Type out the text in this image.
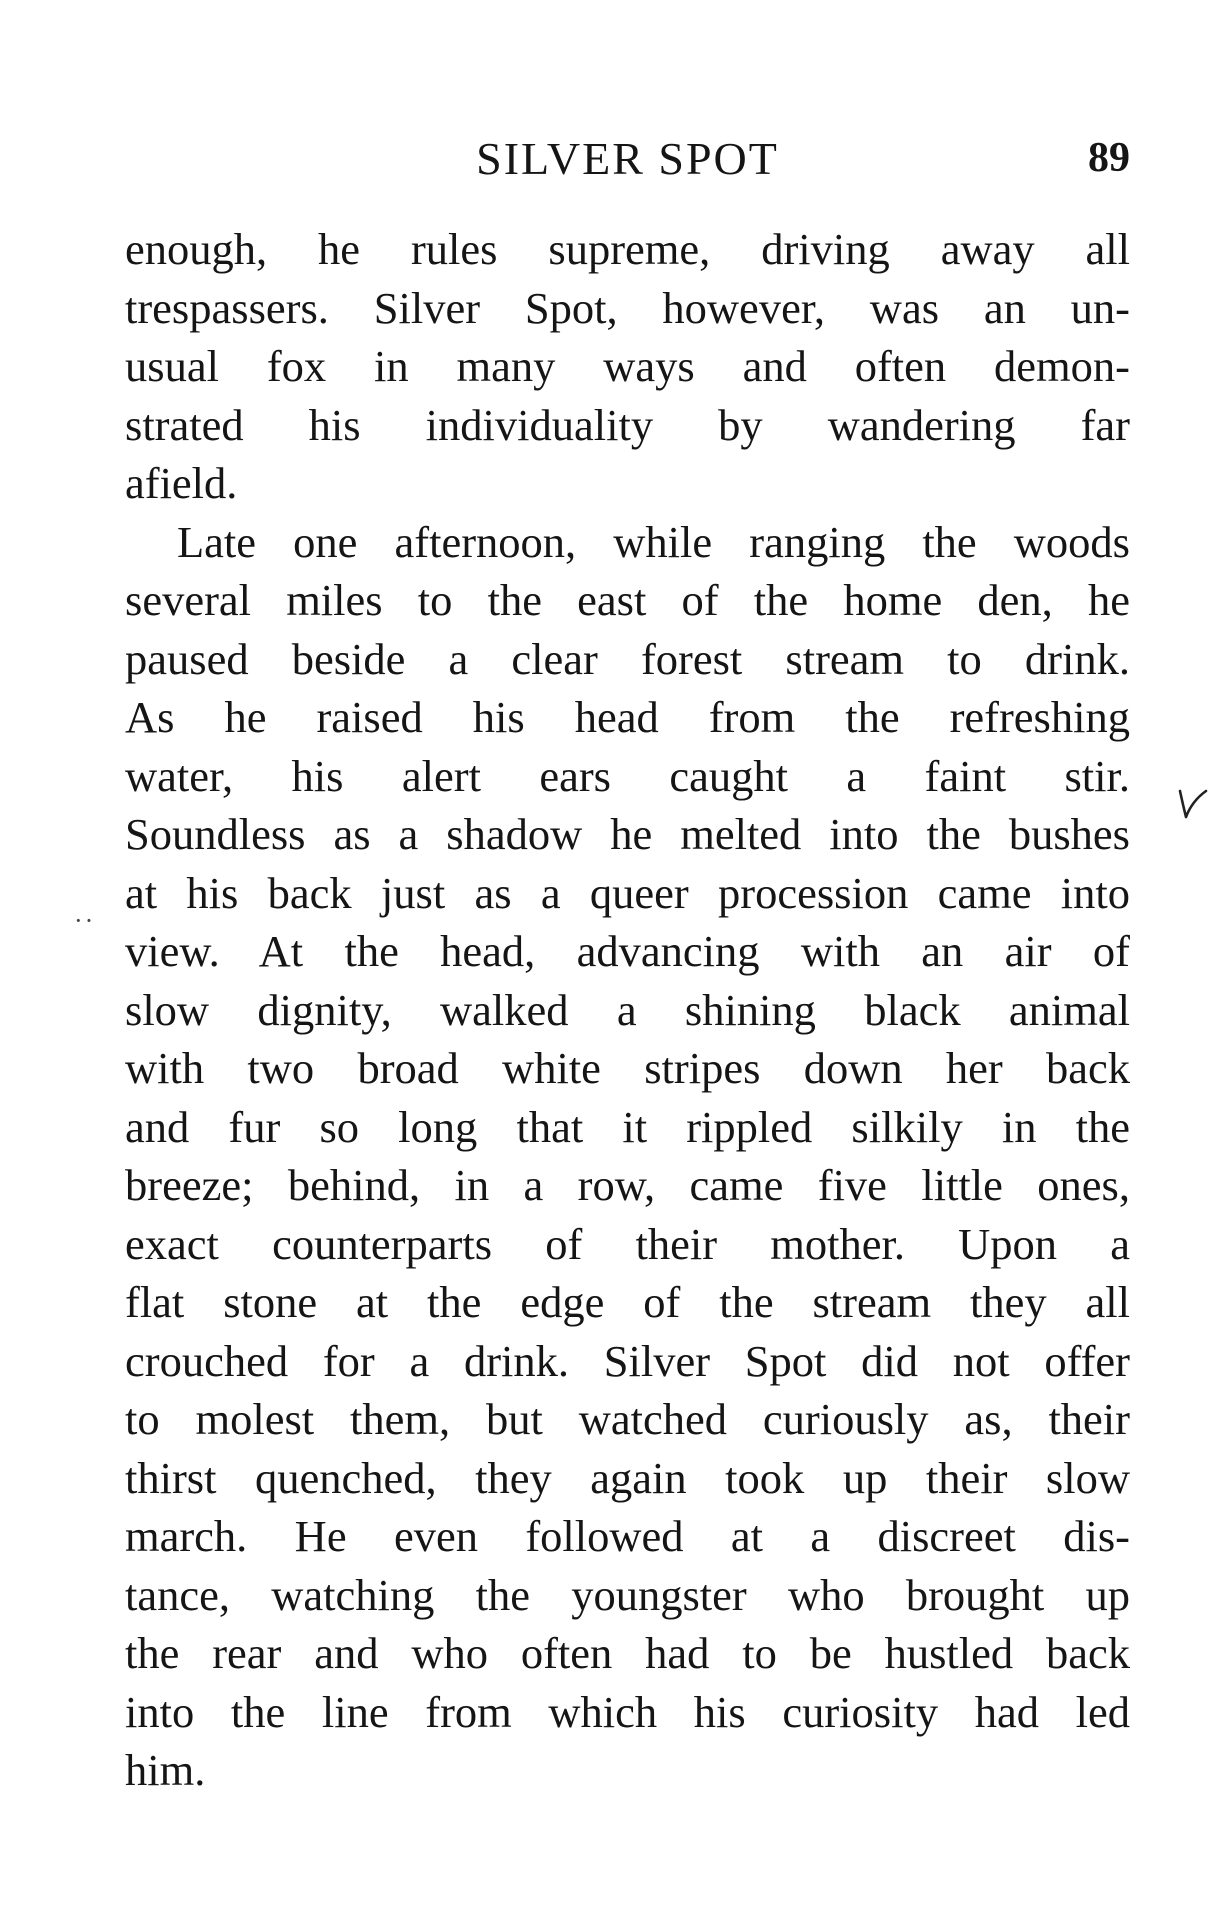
SILVER SPOT	89
enough, he rules supreme, driving away all
trespassers. Silver Spot, however, was an un-
usual fox in many ways and often demon-
strated his individuality by wandering far
afield.
Late one afternoon, while ranging the woods
several miles to the east of the home den, he
paused beside a clear forest stream to drink.
As he raised his head from the refreshing
water, his alert ears caught a faint stir.
Soundless as a shadow he melted into the bushes
at his back just as a queer procession came into
view. At the head, advancing with an air of
slow dignity, walked a shining black animal
with two broad white stripes down her back
and fur so long that it rippled silkily in the
breeze; behind, in a row, came five little ones,
exact counterparts of their mother. Upon a
flat stone at the edge of the stream they all
crouched for a drink. Silver Spot did not offer
to molest them, but watched curiously as, their
thirst quenched, they again took up their slow
march. He even followed at a discreet dis-
tance, watching the youngster who brought up
the rear and who often had to be hustled back
into the line from which his curiosity had led
him.
··
